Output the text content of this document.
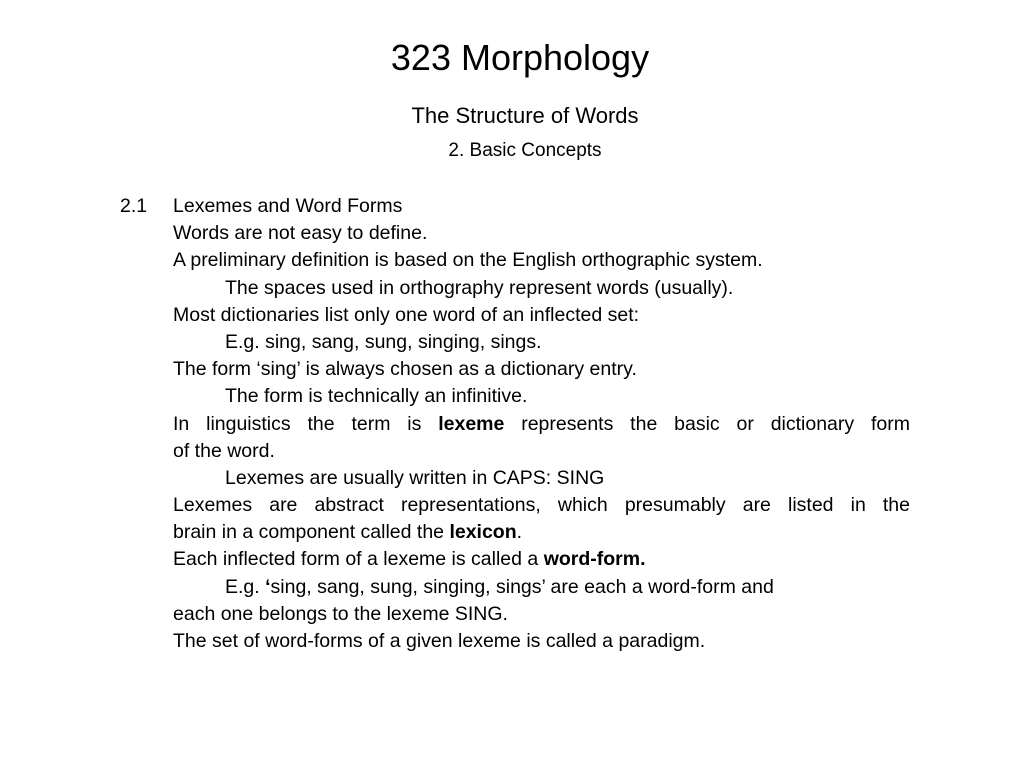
323 Morphology
The Structure of Words
2. Basic Concepts
2.1 Lexemes and Word Forms
Words are not easy to define.
A preliminary definition is based on the English orthographic system.
The spaces used in orthography represent words (usually).
Most dictionaries list only one word of an inflected set:
E.g. sing, sang, sung, singing, sings.
The form ‘sing’ is always chosen as a dictionary entry.
The form is technically an infinitive.
In linguistics the term is lexeme represents the basic or dictionary form
of the word.
Lexemes are usually written in CAPS: SING
Lexemes are abstract representations, which presumably are listed in the
brain in a component called the lexicon.
Each inflected form of a lexeme is called a word-form.
E.g. ‘sing, sang, sung, singing, sings’ are each a word-form and
each one belongs to the lexeme SING.
The set of word-forms of a given lexeme is called a paradigm.
